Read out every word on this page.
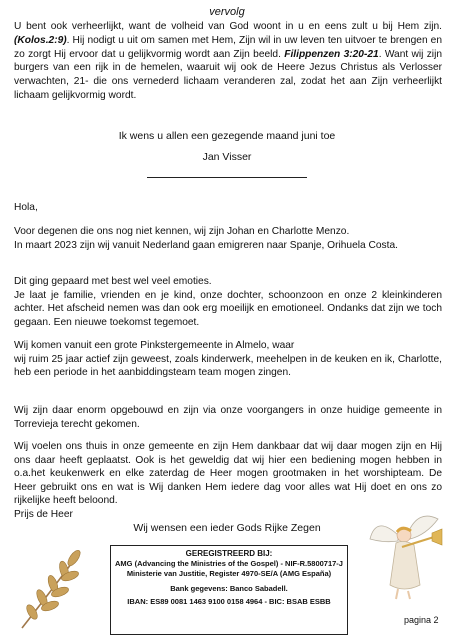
vervolg
U bent ook verheerlijkt, want de volheid van God woont in u en eens zult u bij Hem zijn. (Kolos.2:9). Hij nodigt u uit om samen met Hem, Zijn wil in uw leven ten uitvoer te brengen en zo zorgt Hij ervoor dat u gelijkvormig wordt aan Zijn beeld. Filippenzen 3:20-21. Want wij zijn burgers van een rijk in de hemelen, waaruit wij ook de Heere Jezus Christus als Verlosser verwachten, 21- die ons vernederd lichaam veranderen zal, zodat het aan Zijn verheerlijkt lichaam gelijkvormig wordt.
Ik wens u allen een gezegende maand juni toe
Jan Visser
Hola,
Voor degenen die ons nog niet kennen, wij zijn Johan en Charlotte Menzo.
In maart 2023 zijn wij vanuit Nederland gaan emigreren naar Spanje, Orihuela Costa.
Dit ging gepaard met best wel veel emoties.
Je laat je familie, vrienden en je kind, onze dochter, schoonzoon en onze 2 kleinkinderen achter. Het afscheid nemen was dan ook erg moeilijk en emotioneel. Ondanks dat zijn we toch gegaan. Een nieuwe toekomst tegemoet.
Wij komen vanuit een grote Pinkstergemeente in Almelo, waar
wij ruim 25 jaar actief zijn geweest, zoals kinderwerk, meehelpen in de keuken en ik, Charlotte, heb een periode in het aanbiddingsteam team mogen zingen.
Wij zijn daar enorm opgebouwd en zijn via onze voorgangers in onze huidige gemeente in Torrevieja terecht gekomen.
Wij voelen ons thuis in onze gemeente en zijn Hem dankbaar dat wij daar mogen zijn en Hij ons daar heeft geplaatst. Ook is het geweldig dat wij hier een bediening mogen hebben in o.a.het keukenwerk en elke zaterdag de Heer mogen grootmaken in het worshipteam. De Heer gebruikt ons en wat is Wij danken Hem iedere dag voor alles wat Hij doet en ons zo rijkelijke heeft beloond.
Prijs de Heer
Wij wensen een ieder Gods Rijke Zegen
GEREGISTREERD BIJ:
AMG (Advancing the Ministries of the Gospel) - NIF-R.5800717-J
Ministerie van Justitie, Register 4970-SE/A (AMG España)
Bank gegevens: Banco Sabadell.
IBAN: ES89 0081 1463 9100 0158 4964 - BIC: BSAB ESBB
pagina 2
